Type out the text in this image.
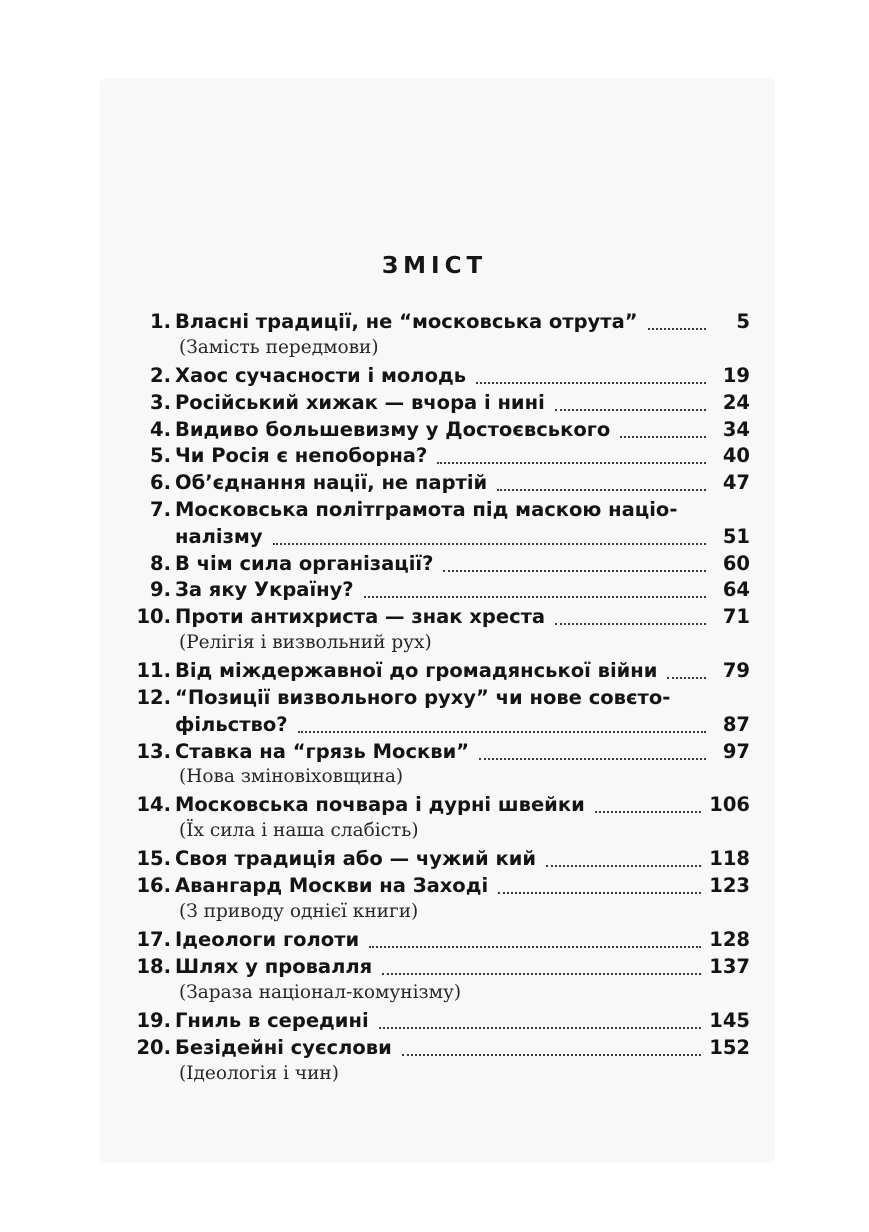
ЗМІСТ
1. Власні традиції, не “московська отрута”	5
(Замість передмови)
2. Хаос сучасности і молодь	19
3. Російський хижак — вчора і нині	24
4. Видиво большевизму у Достоєвського	34
5. Чи Росія є непоборна?	40
6. Об’єднання нації, не партій	47
7. Московська політграмота під маскою націо-
налізму	51
8. В чім сила організації?	60
9. За яку Україну?	64
10. Проти антихриста — знак хреста	71
(Релігія і визвольний рух)
11. Від міждержавної до громадянської війни	79
12. “Позиції визвольного руху” чи нове совєто-
фільство?	87
13. Ставка на “грязь Москви”	97
(Нова зміновіховщина)
14. Московська почвара і дурні швейки	106
(Їх сила і наша слабість)
15. Своя традиція або — чужий кий	118
16. Авангард Москви на Заході	123
(З приводу однієї книги)
17. Ідеологи голоти	128
18. Шлях у провалля	137
(Зараза націонал-комунізму)
19. Гниль в середині	145
20. Безідейні суєслови	152
(Ідеологія і чин)
